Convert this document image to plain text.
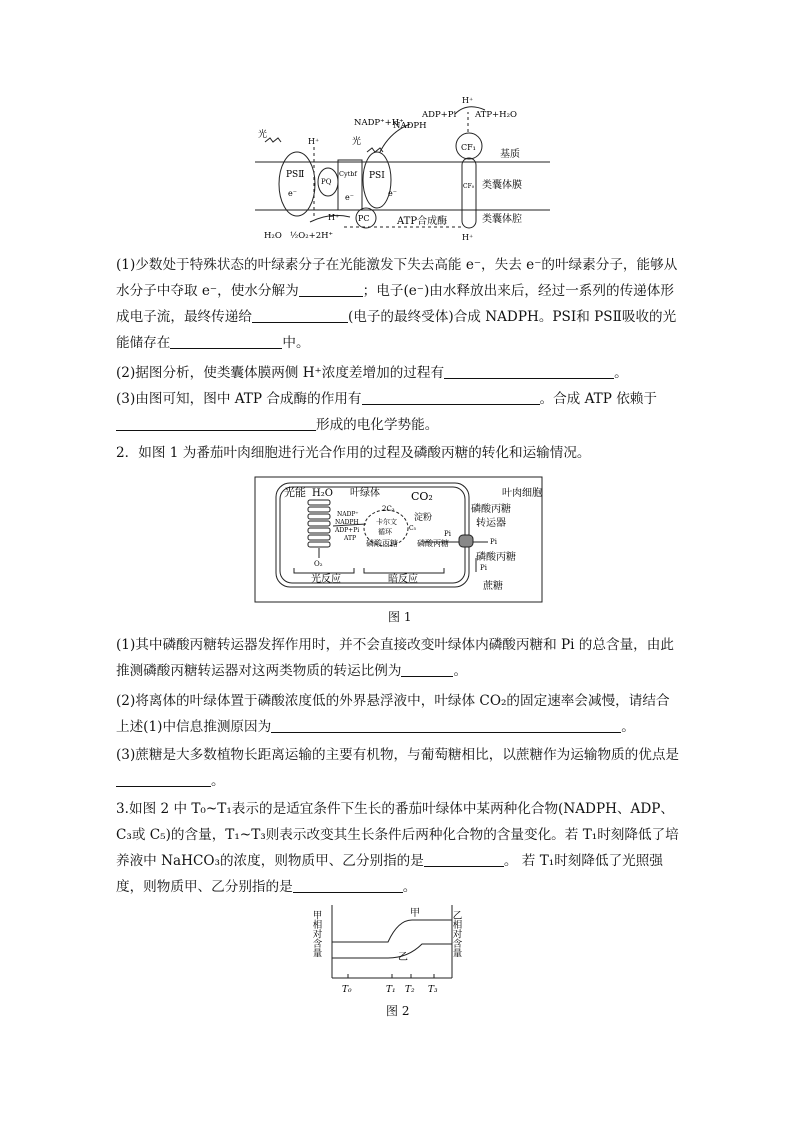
光
光
H⁺
NADP⁺+H⁺
NADPH
ADP+Pi ATP+H₂O
H⁺
CF₁
CF₀
PSⅡ
PQ
Cytbf PSⅠ
PC
e⁻	e⁻	e⁻
H⁺
H⁺
ATP合成酶
H₂O ½O₂+2H⁺
基质
类囊体膜
类囊体腔

(1)少数处于特殊状态的叶绿素分子在光能激发下失去高能 e⁻，失去 e⁻的叶绿素分子，能够从水分子中夺取 e⁻，使水分解为	；电子(e⁻)由水释放出来后，经过一系列的传递体形成电子流，最终传递给	(电子的最终受体)合成 NADPH。PSⅠ和 PSⅡ吸收的光能储存在	中。

(2)据图分析，使类囊体膜两侧 H⁺浓度差增加的过程有	。

(3)由图可知，图中 ATP 合成酶的作用有	。合成 ATP 依赖于
形成的电化学势能。

2．如图 1 为番茄叶肉细胞进行光合作用的过程及磷酸丙糖的转化和运输情况。

光能 H₂O 叶绿体	CO₂	叶肉细胞
2C₃
卡尔文
循环	C₅
淀粉
NADP⁺
NADPH
ADP+Pi
ATP
O₂
磷酸丙糖 磷酸丙糖
Pi
Pi
Pi
磷酸丙糖
转运器
磷酸丙糖
蔗糖
光反应	暗反应
图 1

(1)其中磷酸丙糖转运器发挥作用时，并不会直接改变叶绿体内磷酸丙糖和 Pi 的总含量，由此推测磷酸丙糖转运器对这两类物质的转运比例为	。

(2)将离体的叶绿体置于磷酸浓度低的外界悬浮液中，叶绿体 CO₂的固定速率会减慢，请结合上述(1)中信息推测原因为	。

(3)蔗糖是大多数植物长距离运输的主要有机物，与葡萄糖相比，以蔗糖作为运输物质的优点是。

3.如图 2 中 T₀~T₁表示的是适宜条件下生长的番茄叶绿体中某两种化合物(NADPH、ADP、C₃或 C₅)的含量，T₁~T₃则表示改变其生长条件后两种化合物的含量变化。若 T₁时刻降低了培养液中 NaHCO₃的浓度，则物质甲、乙分别指的是	。 若 T₁时刻降低了光照强度，则物质甲、乙分别指的是	。

甲相对含量	乙相对含量
甲
乙
T₀	T₁ T₂ T₃
图 2
